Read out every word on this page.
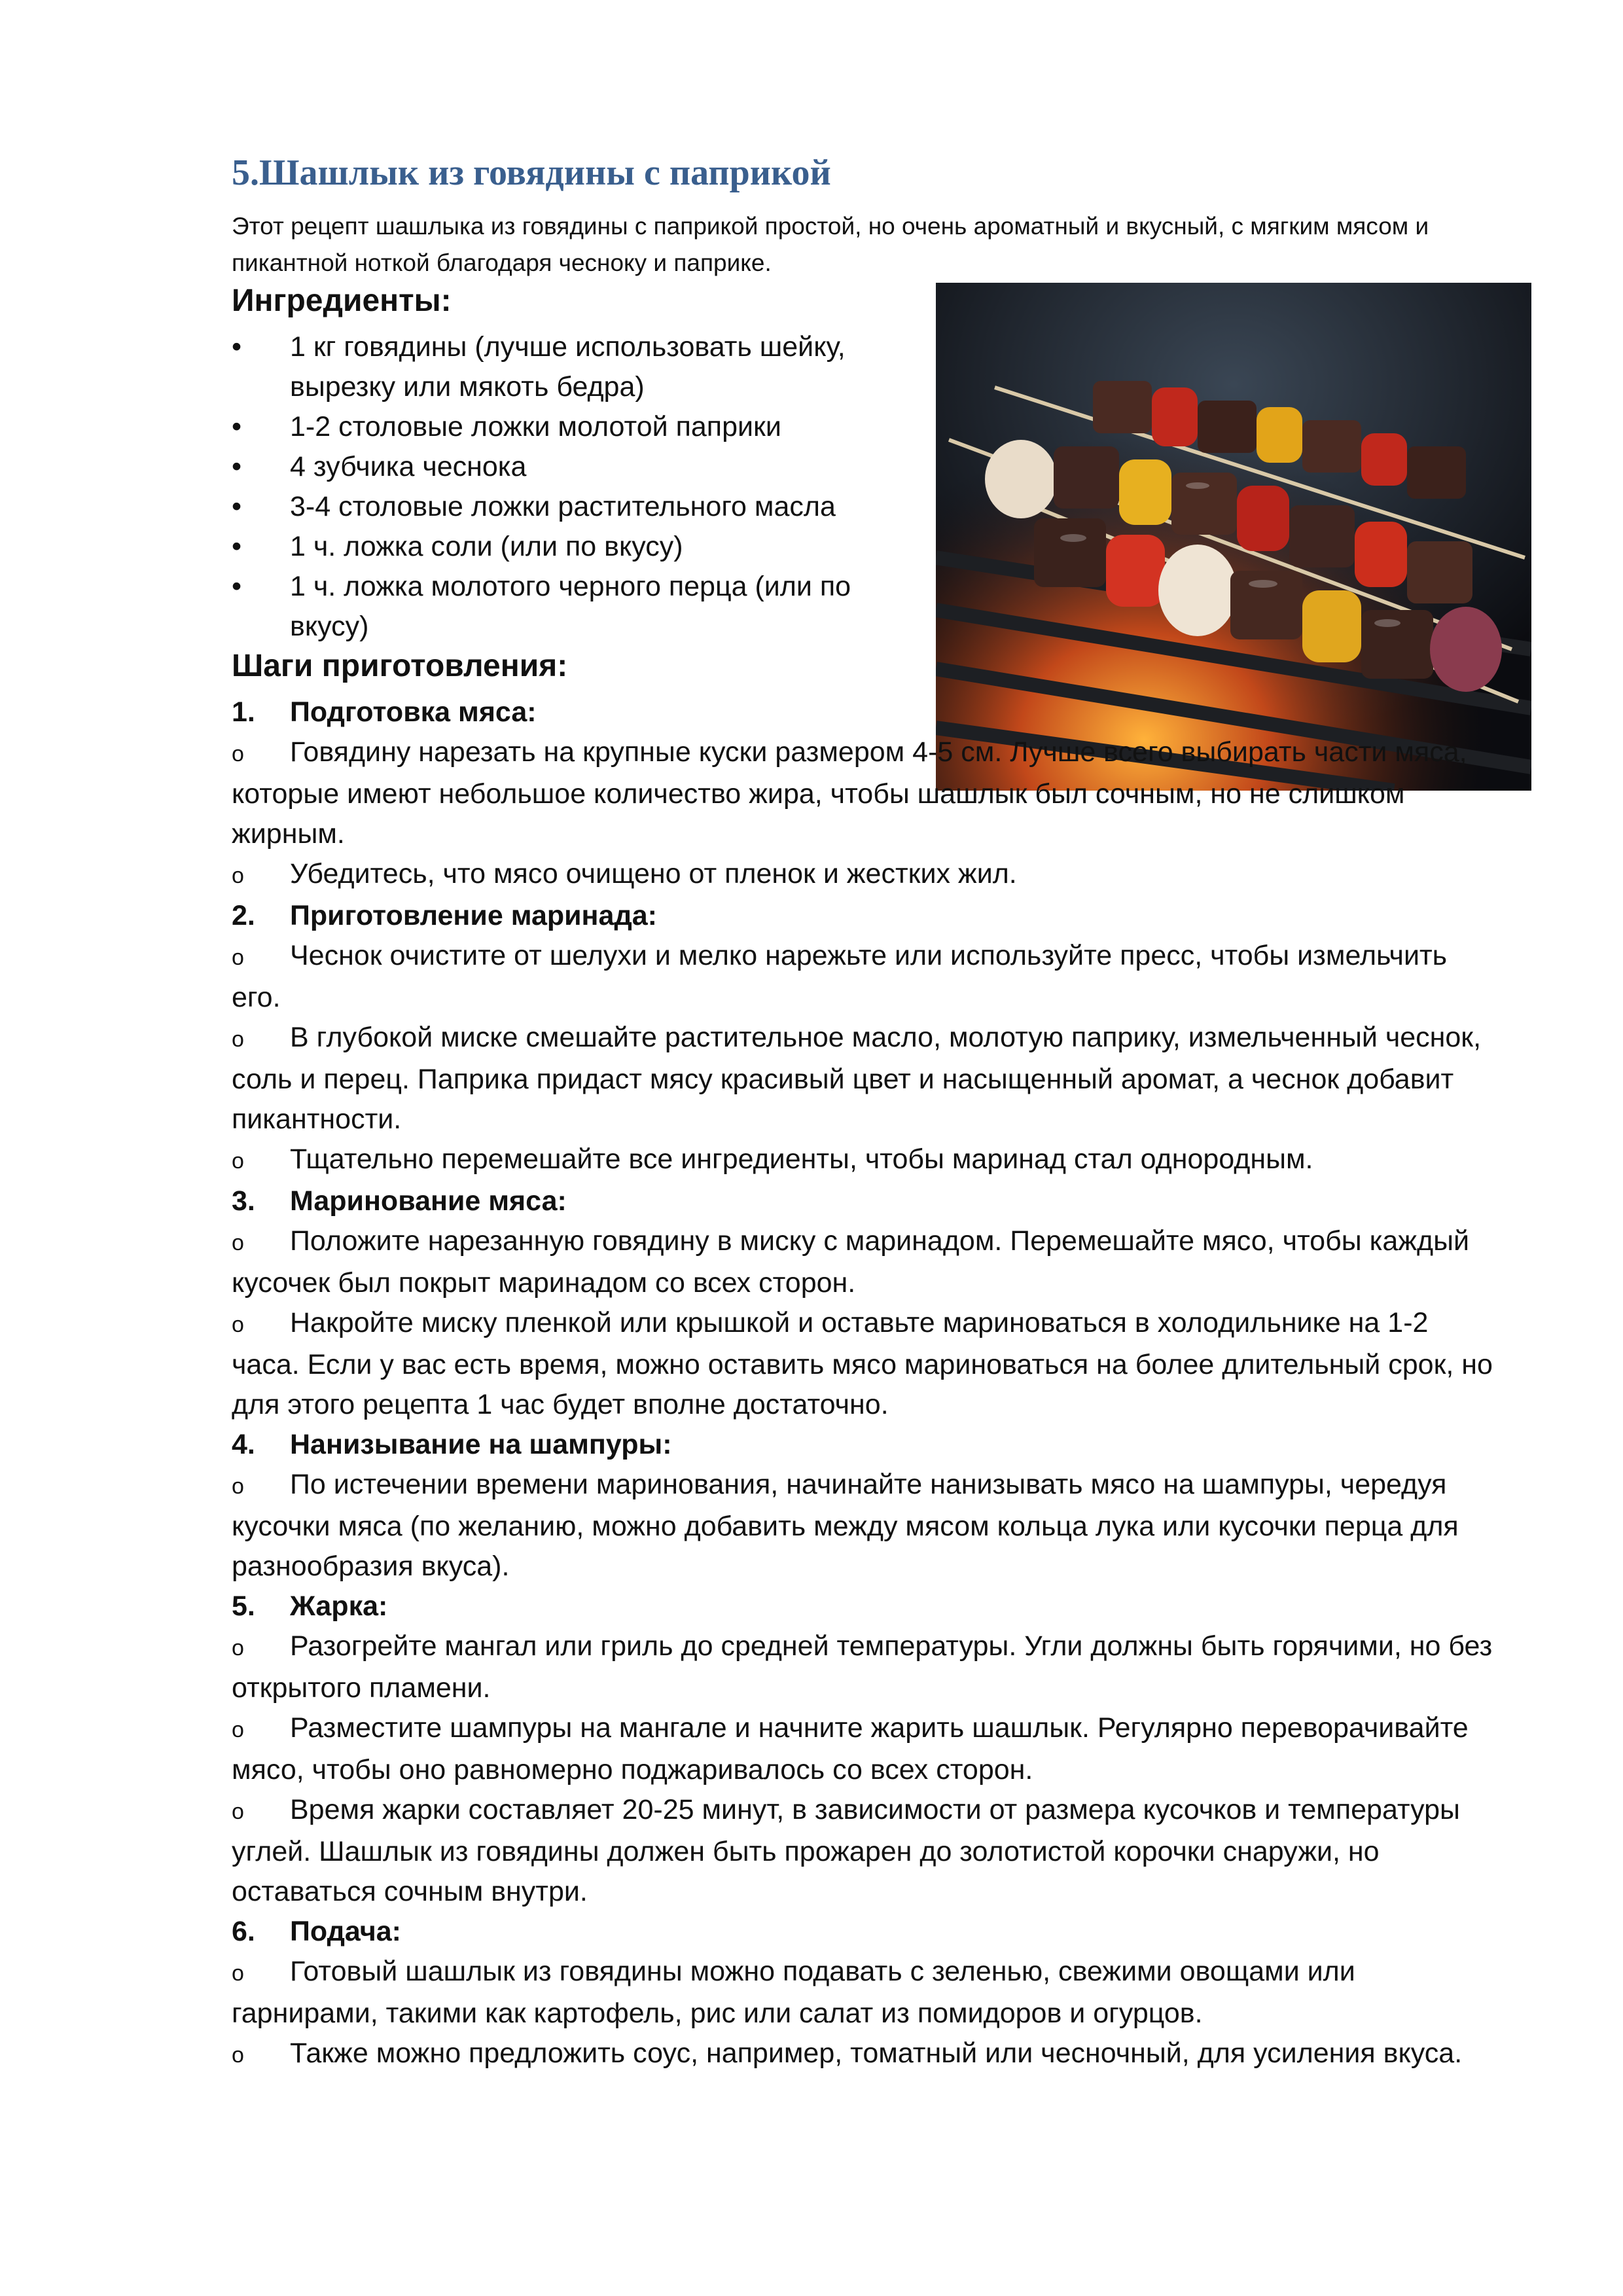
5.Шашлык из говядины с паприкой

Этот рецепт шашлыка из говядины с паприкой простой, но очень ароматный и вкусный, с мягким мясом и пикантной ноткой благодаря чесноку и паприке.

Ингредиенты:
• 1 кг говядины (лучше использовать шейку, вырезку или мякоть бедра)
• 1-2 столовые ложки молотой паприки
• 4 зубчика чеснока
• 3-4 столовые ложки растительного масла
• 1 ч. ложка соли (или по вкусу)
• 1 ч. ложка молотого черного перца (или по вкусу)
Шаги приготовления:
1. Подготовка мяса:

o Говядину нарезать на крупные куски размером 4-5 см. Лучше всего выбирать части мяса, которые имеют небольшое количество жира, чтобы шашлык был сочным, но не слишком жирным.

o Убедитесь, что мясо очищено от пленок и жестких жил.

2. Приготовление маринада:

o Чеснок очистите от шелухи и мелко нарежьте или используйте пресс, чтобы измельчить его.

o В глубокой миске смешайте растительное масло, молотую паприку, измельченный чеснок, соль и перец. Паприка придаст мясу красивый цвет и насыщенный аромат, а чеснок добавит пикантности.

o Тщательно перемешайте все ингредиенты, чтобы маринад стал однородным.

3. Маринование мяса:

o Положите нарезанную говядину в миску с маринадом. Перемешайте мясо, чтобы каждый кусочек был покрыт маринадом со всех сторон.

o Накройте миску пленкой или крышкой и оставьте мариноваться в холодильнике на 1-2 часа. Если у вас есть время, можно оставить мясо мариноваться на более длительный срок, но для этого рецепта 1 час будет вполне достаточно.

4. Нанизывание на шампуры:

o По истечении времени маринования, начинайте нанизывать мясо на шампуры, чередуя кусочки мяса (по желанию, можно добавить между мясом кольца лука или кусочки перца для разнообразия вкуса).

5. Жарка:

o Разогрейте мангал или гриль до средней температуры. Угли должны быть горячими, но без открытого пламени.

o Разместите шампуры на мангале и начните жарить шашлык. Регулярно переворачивайте мясо, чтобы оно равномерно поджаривалось со всех сторон.

o Время жарки составляет 20-25 минут, в зависимости от размера кусочков и температуры углей. Шашлык из говядины должен быть прожарен до золотистой корочки снаружи, но оставаться сочным внутри.

6. Подача:

o Готовый шашлык из говядины можно подавать с зеленью, свежими овощами или гарнирами, такими как картофель, рис или салат из помидоров и огурцов.

o Также можно предложить соус, например, томатный или чесночный, для усиления вкуса.
